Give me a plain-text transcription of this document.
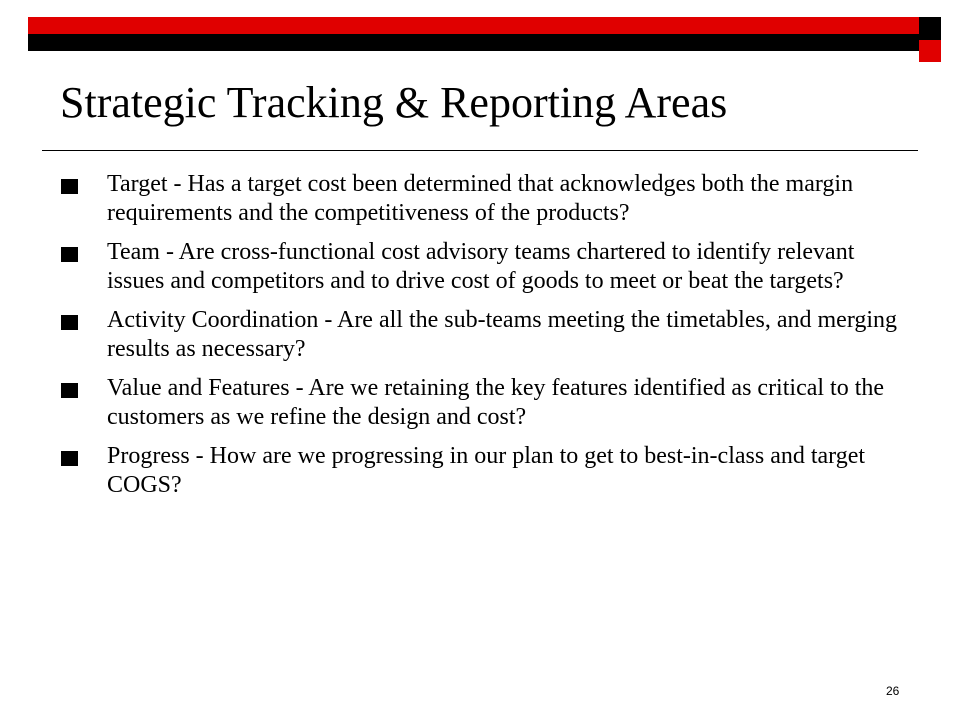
Strategic Tracking & Reporting Areas
Target - Has a target cost been determined that acknowledges both the margin requirements and the competitiveness of the products?
Team - Are cross-functional cost advisory teams chartered to identify relevant issues and competitors and to drive cost of goods to meet or beat the targets?
Activity Coordination - Are all the sub-teams meeting the timetables, and merging results as necessary?
Value and Features - Are we retaining the key features identified as critical to the customers as we refine the design and cost?
Progress - How are we progressing in our plan to get to best-in-class and target COGS?
26
